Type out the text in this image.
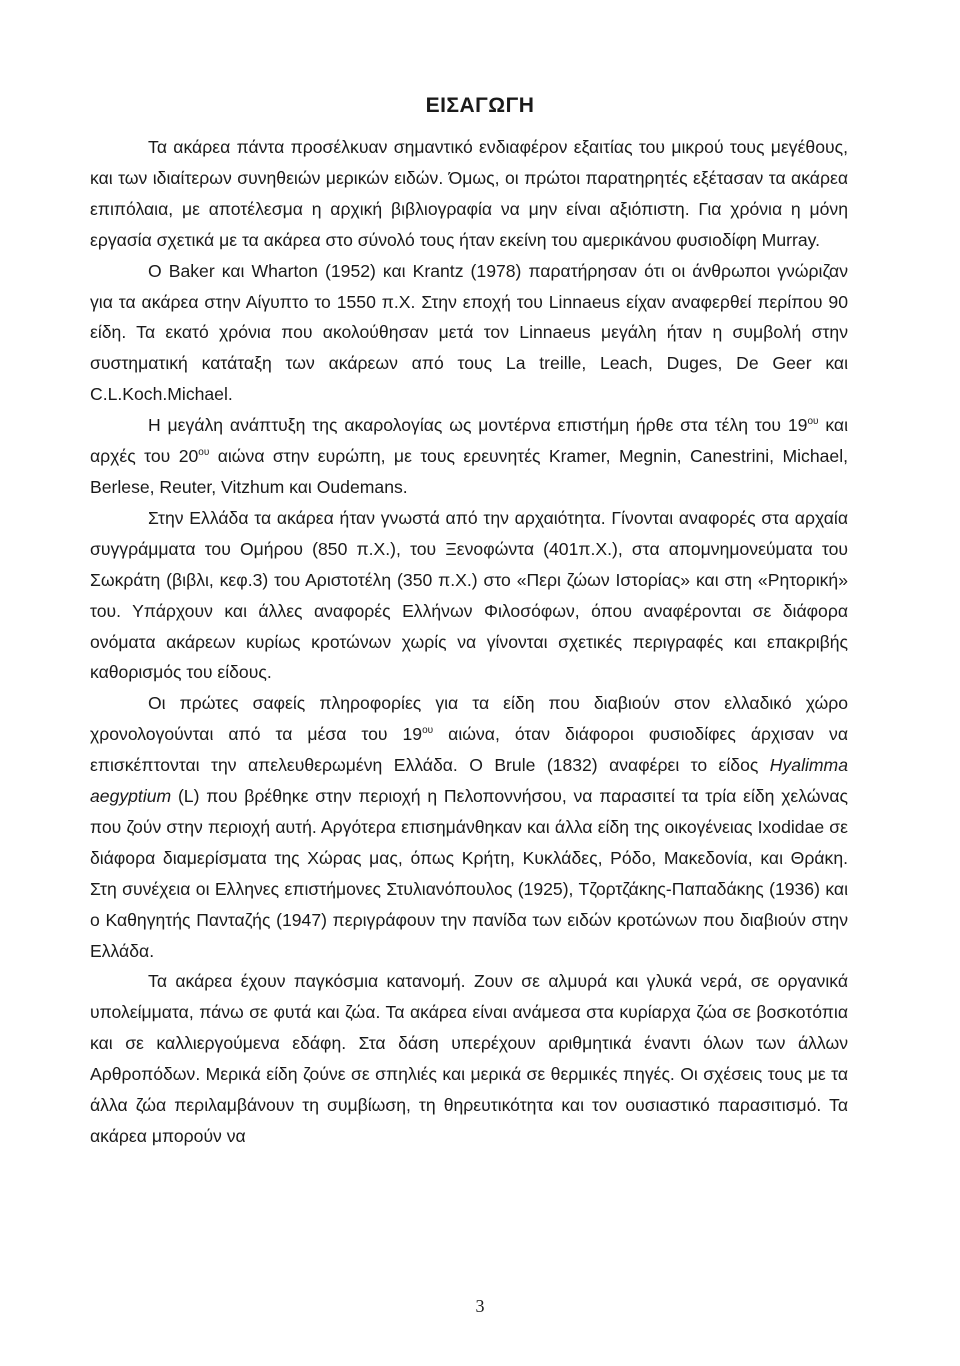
ΕΙΣΑΓΩΓΗ

Τα ακάρεα πάντα προσέλκυαν σημαντικό ενδιαφέρον εξαιτίας του μικρού τους μεγέθους, και των ιδιαίτερων συνηθειών μερικών ειδών. Όμως, οι πρώτοι παρατηρητές εξέτασαν τα ακάρεα επιπόλαια, με αποτέλεσμα η αρχική βιβλιογραφία να μην είναι αξιόπιστη. Για χρόνια η μόνη εργασία σχετικά με τα ακάρεα στο σύνολό τους ήταν εκείνη του αμερικάνου φυσιοδίφη Murray.

Ο Baker και Wharton (1952) και Krantz (1978) παρατήρησαν ότι οι άνθρωποι γνώριζαν για τα ακάρεα στην Αίγυπτο το 1550 π.Χ. Στην εποχή του Linnaeus είχαν αναφερθεί περίπου 90 είδη. Τα εκατό χρόνια που ακολούθησαν μετά τον Linnaeus μεγάλη ήταν η συμβολή στην συστηματική κατάταξη των ακάρεων από τους La treille, Leach, Duges, De Geer και C.L.Koch.Michael.

Η μεγάλη ανάπτυξη της ακαρολογίας ως μοντέρνα επιστήμη ήρθε στα τέλη του $19^{o\upsilon}$ και αρχές του $20^{o\upsilon}$ αιώνα στην ευρώπη, με τους ερευνητές Kramer, Megnin, Canestrini, Michael, Berlese, Reuter, Vitzhum και Oudemans.

Στην Ελλάδα τα ακάρεα ήταν γνωστά από την αρχαιότητα. Γίνονται αναφορές στα αρχαία συγγράμματα του Ομήρου (850 π.Χ.), του Ξενοφώντα (401π.Χ.), στα απομνημονεύματα του Σωκράτη (βιβλι, κεφ.3) του Αριστοτέλη (350 π.Χ.) στο «Περι ζώων Ιστορίας» και στη «Ρητορική» του. Υπάρχουν και άλλες αναφορές Ελλήνων Φιλοσόφων, όπου αναφέρονται σε διάφορα ονόματα ακάρεων κυρίως κροτώνων χωρίς να γίνονται σχετικές περιγραφές και επακριβής καθορισμός του είδους.

Οι πρώτες σαφείς πληροφορίες για τα είδη που διαβιούν στον ελλαδικό χώρο χρονολογούνται από τα μέσα του $19^{o\upsilon}$ αιώνα, όταν διάφοροι φυσιοδίφες άρχισαν να επισκέπτονται την απελευθερωμένη Ελλάδα. Ο Brule (1832) αναφέρει το είδος Hyalimma aegyptium (L) που βρέθηκε στην περιοχή η Πελοποννήσου, να παρασιτεί τα τρία είδη χελώνας που ζούν στην περιοχή αυτή. Αργότερα επισημάνθηκαν και άλλα είδη της οικογένειας Ixodidae σε διάφορα διαμερίσματα της Χώρας μας, όπως Κρήτη, Κυκλάδες, Ρόδο, Μακεδονία, και Θράκη. Στη συνέχεια οι Ελληνες επιστήμονες Στυλιανόπουλος (1925), Τζορτζάκης-Παπαδάκης (1936) και ο Καθηγητής Πανταζής (1947) περιγράφουν την πανίδα των ειδών κροτώνων που διαβιούν στην Ελλάδα.

Τα ακάρεα έχουν παγκόσμια κατανομή. Ζουν σε αλμυρά και γλυκά νερά, σε οργανικά υπολείμματα, πάνω σε φυτά και ζώα. Τα ακάρεα είναι ανάμεσα στα κυρίαρχα ζώα σε βοσκοτόπια και σε καλλιεργούμενα εδάφη. Στα δάση υπερέχουν αριθμητικά έναντι όλων των άλλων Αρθροπόδων. Μερικά είδη ζούνε σε σπηλιές και μερικά σε θερμικές πηγές. Οι σχέσεις τους με τα άλλα ζώα περιλαμβάνουν τη συμβίωση, τη θηρευτικότητα και τον ουσιαστικό παρασιτισμό. Τα ακάρεα μπορούν να

3
